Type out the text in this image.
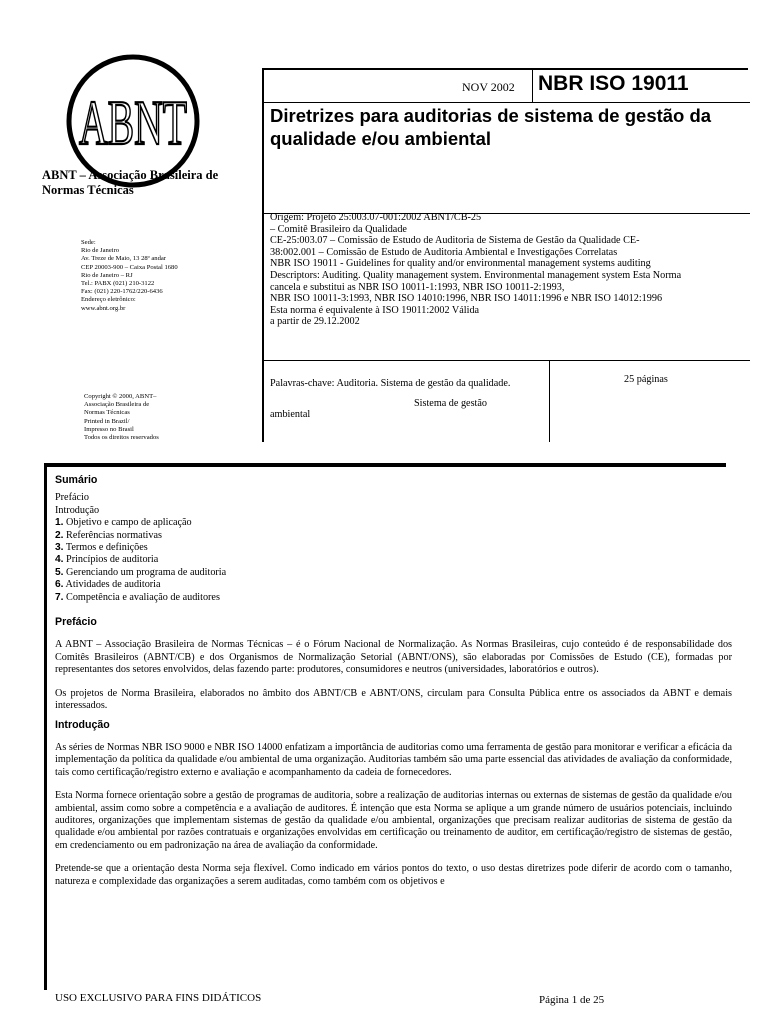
ABNT
ABNT – Associação Brasileira de Normas Técnicas
Sede:
Rio de Janeiro
Av. Treze de Maio, 13 28º andar
CEP 20003-900 – Caixa Postal 1680
Rio de Janeiro – RJ
Tel.: PABX (021) 210-3122
Fax: (021) 220-1762/220-6436
Endereço eletrônico:
www.abnt.org.br
Copyright © 2000, ABNT–
Associação Brasileira de
Normas Técnicas
Printed in Brazil/
Impresso no Brasil
Todos os direitos reservados
NOV 2002 NBR ISO 19011
Diretrizes para auditorias de sistema de gestão da qualidade e/ou ambiental
Origem: Projeto 25:003.07-001:2002 ABNT/CB-25
– Comitê Brasileiro da Qualidade
CE-25:003.07 – Comissão de Estudo de Auditoria de Sistema de Gestão da Qualidade CE-
38:002.001 – Comissão de Estudo de Auditoria Ambiental e Investigações Correlatas
NBR ISO 19011 - Guidelines for quality and/or environmental management systems auditing
Descriptors: Auditing. Quality management system. Environmental management system Esta Norma
cancela e substitui as NBR ISO 10011-1:1993, NBR ISO 10011-2:1993,
NBR ISO 10011-3:1993, NBR ISO 14010:1996, NBR ISO 14011:1996 e NBR ISO 14012:1996
Esta norma é equivalente à ISO 19011:2002 Válida
a partir de 29.12.2002
Palavras-chave: Auditoria. Sistema de gestão da qualidade.
Sistema de gestão
ambiental
25 páginas
Sumário
Prefácio
Introdução
1. Objetivo e campo de aplicação
2. Referências normativas
3. Termos e definições
4. Princípios de auditoria
5. Gerenciando um programa de auditoria
6. Atividades de auditoria
7. Competência e avaliação de auditores
Prefácio

A ABNT – Associação Brasileira de Normas Técnicas – é o Fórum Nacional de Normalização. As Normas Brasileiras, cujo conteúdo é de responsabilidade dos Comitês Brasileiros (ABNT/CB) e dos Organismos de Normalização Setorial (ABNT/ONS), são elaboradas por Comissões de Estudo (CE), formadas por representantes dos setores envolvidos, delas fazendo parte: produtores, consumidores e neutros (universidades, laboratórios e outros).

Os projetos de Norma Brasileira, elaborados no âmbito dos ABNT/CB e ABNT/ONS, circulam para Consulta Pública entre os associados da ABNT e demais interessados.

Introdução

As séries de Normas NBR ISO 9000 e NBR ISO 14000 enfatizam a importância de auditorias como uma ferramenta de gestão para monitorar e verificar a eficácia da implementação da política da qualidade e/ou ambiental de uma organização. Auditorias também são uma parte essencial das atividades de avaliação da conformidade, tais como certificação/registro externo e avaliação e acompanhamento da cadeia de fornecedores.

Esta Norma fornece orientação sobre a gestão de programas de auditoria, sobre a realização de auditorias internas ou externas de sistemas de gestão da qualidade e/ou ambiental, assim como sobre a competência e a avaliação de auditores. É intenção que esta Norma se aplique a um grande número de usuários potenciais, incluindo auditores, organizações que implementam sistemas de gestão da qualidade e/ou ambiental, organizações que precisam realizar auditorias de sistema de gestão da qualidade e/ou ambiental por razões contratuais e organizações envolvidas em certificação ou treinamento de auditor, em certificação/registro de sistemas de gestão, em credenciamento ou em padronização na área de avaliação da conformidade.

Pretende-se que a orientação desta Norma seja flexível. Como indicado em vários pontos do texto, o uso destas diretrizes pode diferir de acordo com o tamanho, natureza e complexidade das organizações a serem auditadas, como também com os objetivos e

USO EXCLUSIVO PARA FINS DIDÁTICOS	Página 1 de 25
